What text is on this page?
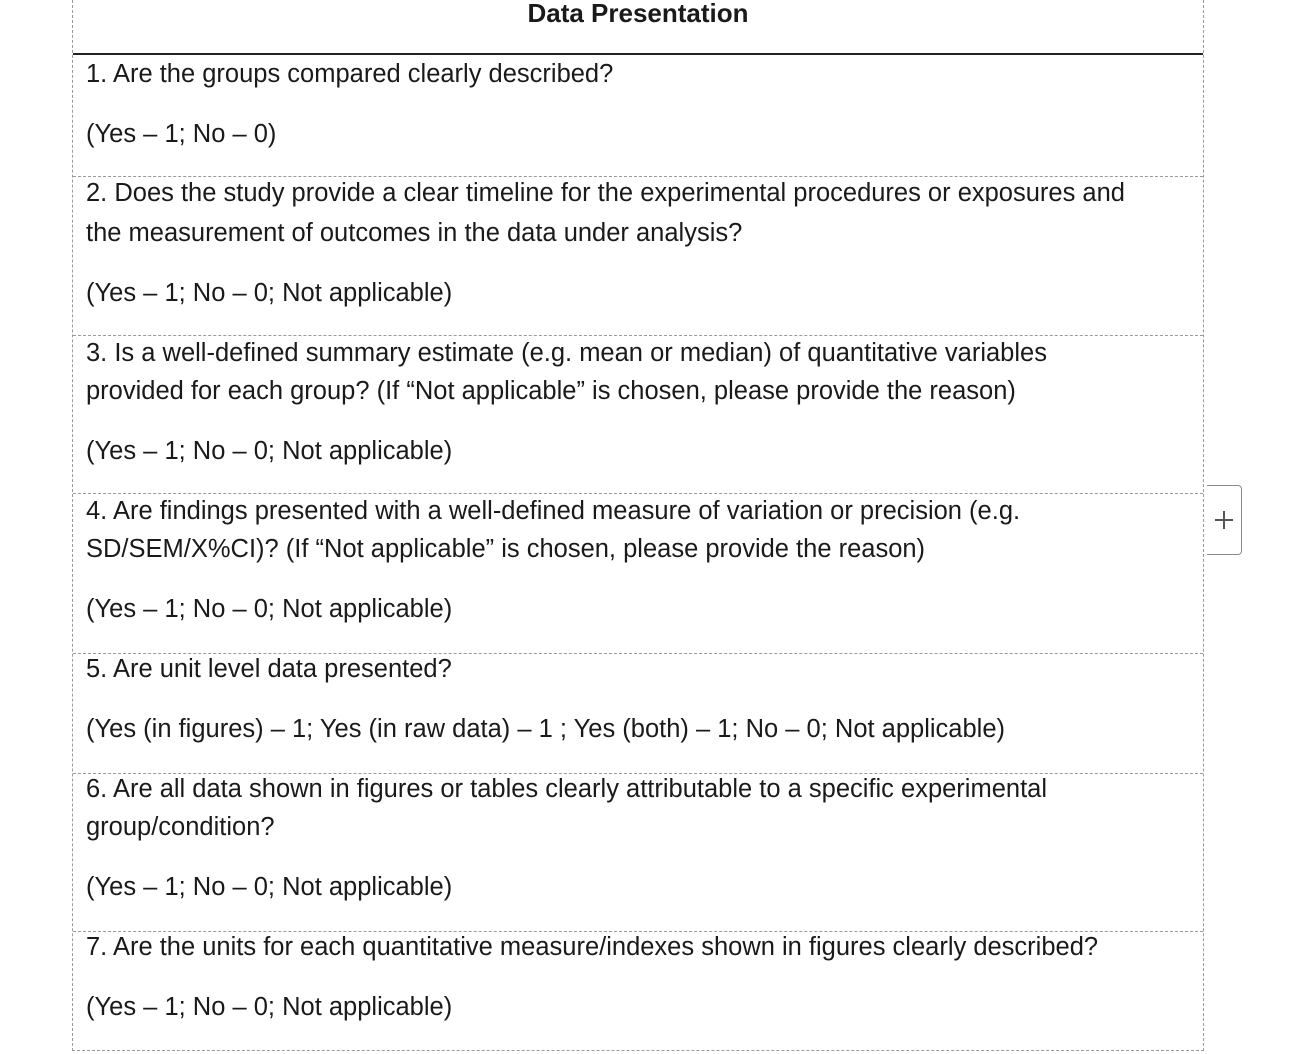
Data Presentation

1. Are the groups compared clearly described?

(Yes – 1; No – 0)

2. Does the study provide a clear timeline for the experimental procedures or exposures and

the measurement of outcomes in the data under analysis?

(Yes – 1; No – 0; Not applicable)

3. Is a well-defined summary estimate (e.g. mean or median) of quantitative variables

provided for each group? (If “Not applicable” is chosen, please provide the reason)

(Yes – 1; No – 0; Not applicable)

4. Are findings presented with a well-defined measure of variation or precision (e.g.

SD/SEM/X%CI)? (If “Not applicable” is chosen, please provide the reason)

(Yes – 1; No – 0; Not applicable)

5. Are unit level data presented?

(Yes (in figures) – 1; Yes (in raw data) – 1 ; Yes (both) – 1; No – 0; Not applicable)

6. Are all data shown in figures or tables clearly attributable to a specific experimental

group/condition?

(Yes – 1; No – 0; Not applicable)

7. Are the units for each quantitative measure/indexes shown in figures clearly described?

(Yes – 1; No – 0; Not applicable)
